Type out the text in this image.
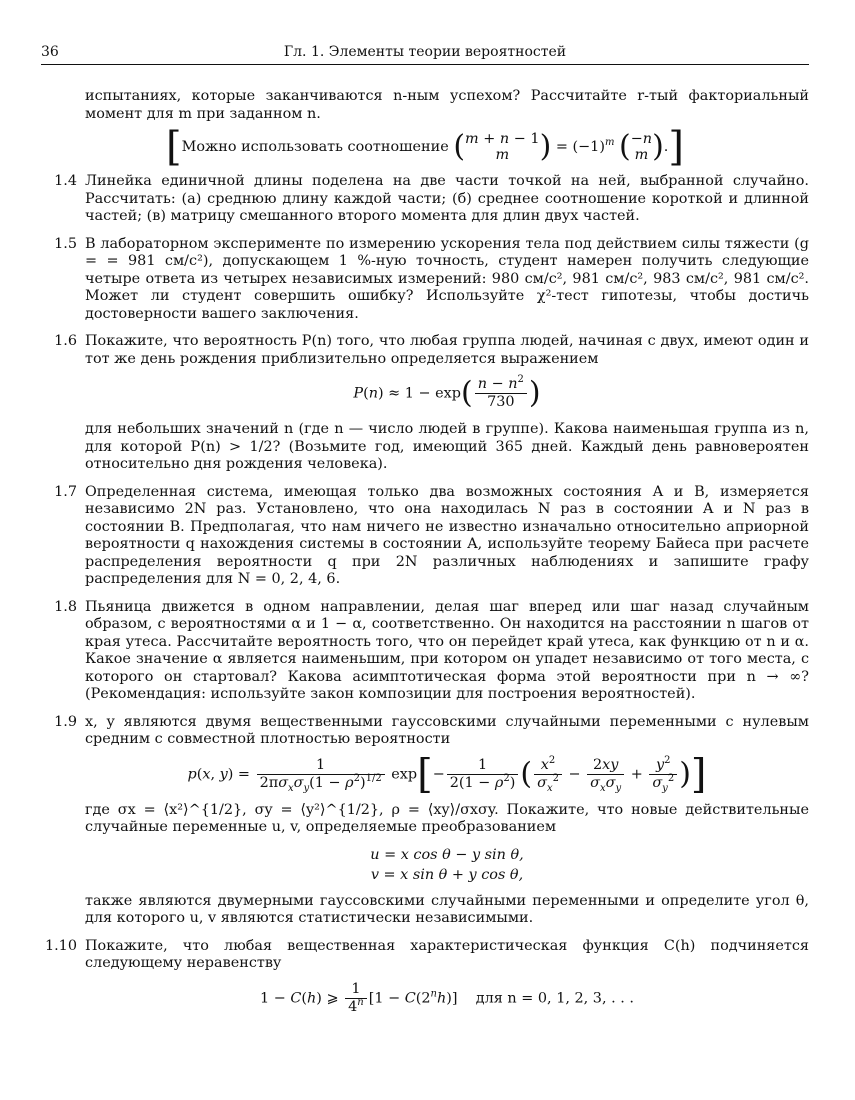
36	Гл. 1. Элементы теории вероятностей

испытаниях, которые заканчиваются n-ным успехом? Рассчитайте r-тый факториальный момент для m при заданном n.

[Можно использовать соотношение (m + n − 1
m	) = $(-1)^m$ (−n
m ).]
1.4 Линейка единичной длины поделена на две части точкой на ней, выбранной случайно. Рассчитать: (а) среднюю длину каждой части; (б) среднее соотношение короткой и длинной частей; (в) матрицу смешанного второго момента для длин двух частей.

1.5 В лабораторном эксперименте по измерению ускорения тела под действием силы тяжести (g = = 981 см/с²), допускающем 1 %-ную точность, студент намерен получить следующие четыре ответа из четырех независимых измерений: 980 см/с², 981 см/с², 983 см/с², 981 см/с². Может ли студент совершить ошибку? Используйте χ²-тест гипотезы, чтобы достичь достоверности вашего заключения.

1.6 Покажите, что вероятность P(n) того, что любая группа людей, начиная с двух, имеют один и тот же день рождения приблизительно определяется выражением

$P(n) \approx 1 - \exp( \frac{n - n^2}{730}$ )

для небольших значений n (где n — число людей в группе). Какова наименьшая группа из n, для которой P(n) > 1/2? (Возьмите год, имеющий 365 дней. Каждый день равновероятен относительно дня рождения человека).

1.7 Определенная система, имеющая только два возможных состояния A и B, измеряется независимо 2N раз. Установлено, что она находилась N раз в состоянии A и N раз в состоянии B. Предполагая, что нам ничего не известно изначально относительно априорной вероятности q нахождения системы в состоянии A, используйте теорему Байеса при расчете распределения вероятности q при 2N различных наблюдениях и запишите графу распределения для N = 0, 2, 4, 6.

1.8 Пьяница движется в одном направлении, делая шаг вперед или шаг назад случайным образом, с вероятностями α и 1 − α, соответственно. Он находится на расстоянии n шагов от края утеса. Рассчитайте вероятность того, что он перейдет край утеса, как функцию от n и α. Какое значение α является наименьшим, при котором он упадет независимо от того места, с которого он стартовал? Какова асимптотическая форма этой вероятности при n → ∞? (Рекомендация: используйте закон композиции для построения вероятностей).

1.9 x, y являются двумя вещественными гауссовскими случайными переменными с нулевым средним с совместной плотностью вероятности

p(x, $y) = \frac{1}{2\pi\sigma_x\sigma_y(1 - \rho^2)^{1/2}} \exp[- \frac{1}{2(1 - \rho^2)}$ ( $\frac{x^2}{\sigma_x^2} - \frac{2xy}{\sigma_x\sigma_y} + \frac{y^2}{\sigma_y^2}$ )]

где σx = ⟨x²⟩^{1/2}, σy = ⟨y²⟩^{1/2}, ρ = ⟨xy⟩/σxσy. Покажите, что новые действительные случайные переменные u, v, определяемые преобразованием

u = x cos θ − y sin θ,
v = x sin θ + y cos θ,

также являются двумерными гауссовскими случайными переменными и определите угол θ, для которого u, v являются статистически независимыми.

1.10 Покажите, что любая вещественная характеристическая функция C(h) подчиняется следующему неравенству

1 − C(h) ⩾ $\frac{1}{4^n} [1 - C(2^nh)]$    для n = 0, 1, 2, 3, . . .
